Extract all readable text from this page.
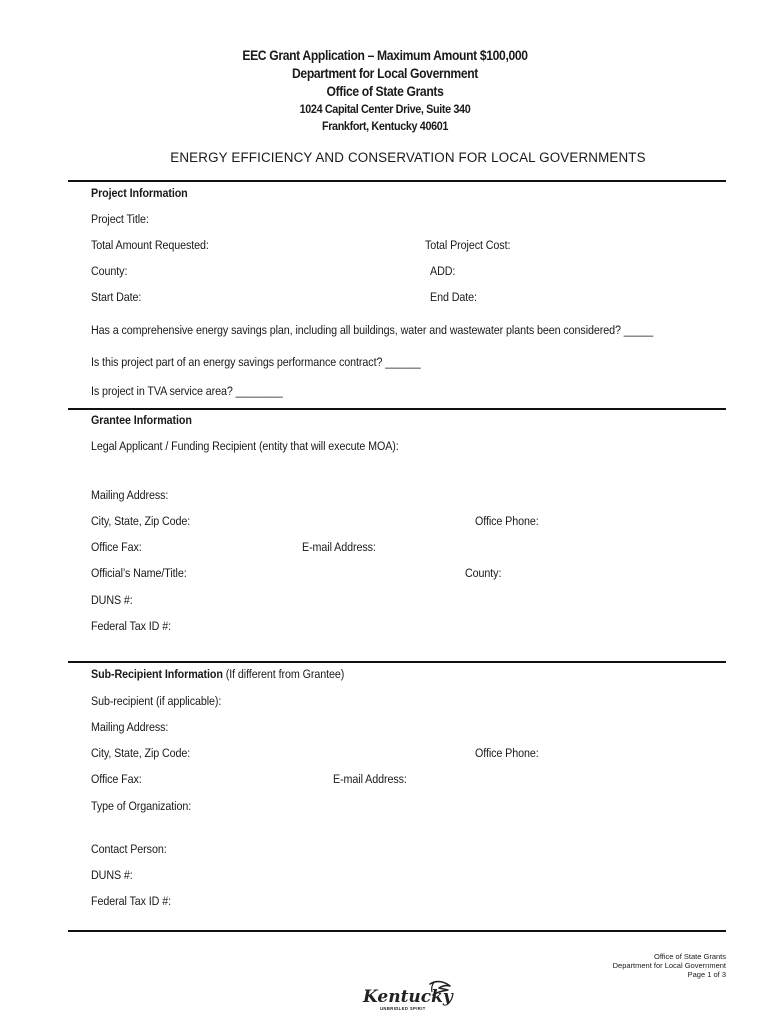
EEC Grant Application – Maximum Amount $100,000
Department for Local Government
Office of State Grants
1024 Capital Center Drive, Suite 340
Frankfort, Kentucky 40601
ENERGY EFFICIENCY AND CONSERVATION FOR LOCAL GOVERNMENTS
Project Information
Project Title:
Total Amount Requested:	Total Project Cost:
County:	ADD:
Start Date:	End Date:
Has a comprehensive energy savings plan, including all buildings, water and wastewater plants been considered? _____
Is this project part of an energy savings performance contract? ______
Is project in TVA service area? ________
Grantee Information
Legal Applicant / Funding Recipient (entity that will execute MOA):
Mailing Address:
City, State, Zip Code:	Office Phone:
Office Fax:	E-mail Address:
Official’s Name/Title:	County:
DUNS #:
Federal Tax ID #:
Sub-Recipient Information (If different from Grantee)
Sub-recipient (if applicable):
Mailing Address:
City, State, Zip Code:	Office Phone:
Office Fax:	E-mail Address:
Type of Organization:
Contact Person:
DUNS #:
Federal Tax ID #:
Office of State Grants
Department for Local Government
Page 1 of 3
Kentucky
UNBRIDLED SPIRIT
